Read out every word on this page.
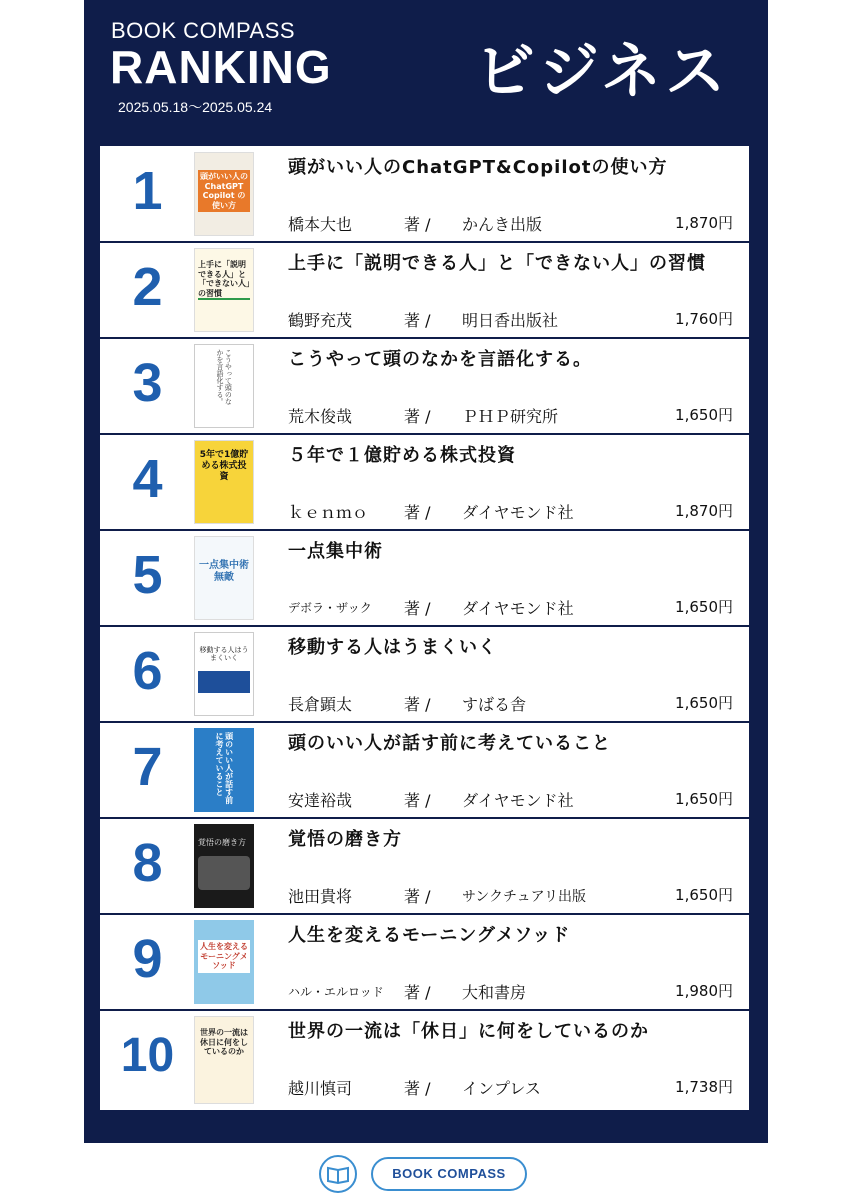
BOOK COMPASS
RANKING
2025.05.18〜2025.05.24	ビジネス
1	頭がいい人の ChatGPT Copilot の使い方
頭がいい人のChatGPT&Copilotの使い方
橋本大也	著 / かんき出版	1,870円
2	上手に「説明できる人」と「できない人」の習慣
上手に「説明できる人」と「できない人」の習慣
鶴野充茂	著 / 明日香出版社	1,760円
3	こうやって頭のなかを言語化する。	こうやって頭のなかを言語化する。
荒木俊哉	著 / ＰＨＰ研究所	1,650円
4	5年で1億貯める株式投資
５年で１億貯める株式投資
ｋｅｎｍｏ 著 / ダイヤモンド社	1,870円
5	一点集中術 無敵
一点集中術
デボラ・ザック 著 / ダイヤモンド社	1,650円
6	移動する人はうまくいく
移動する人はうまくいく
長倉顕太	著 / すばる舎	1,650円
7	頭のいい人が話す前に考えていること	頭のいい人が話す前に考えていること
安達裕哉	著 / ダイヤモンド社	1,650円
8	覚悟の磨き方 覚悟の磨き方
池田貴将	著 / サンクチュアリ出版	1,650円
9	人生を変えるモーニングメソッド
人生を変えるモーニングメソッド
ハル・エルロッド 著 / 大和書房	1,980円
10	世界の一流は休日に何をしているのか
世界の一流は「休日」に何をしているのか
越川慎司	著 / インプレス	1,738円
BOOK COMPASS
